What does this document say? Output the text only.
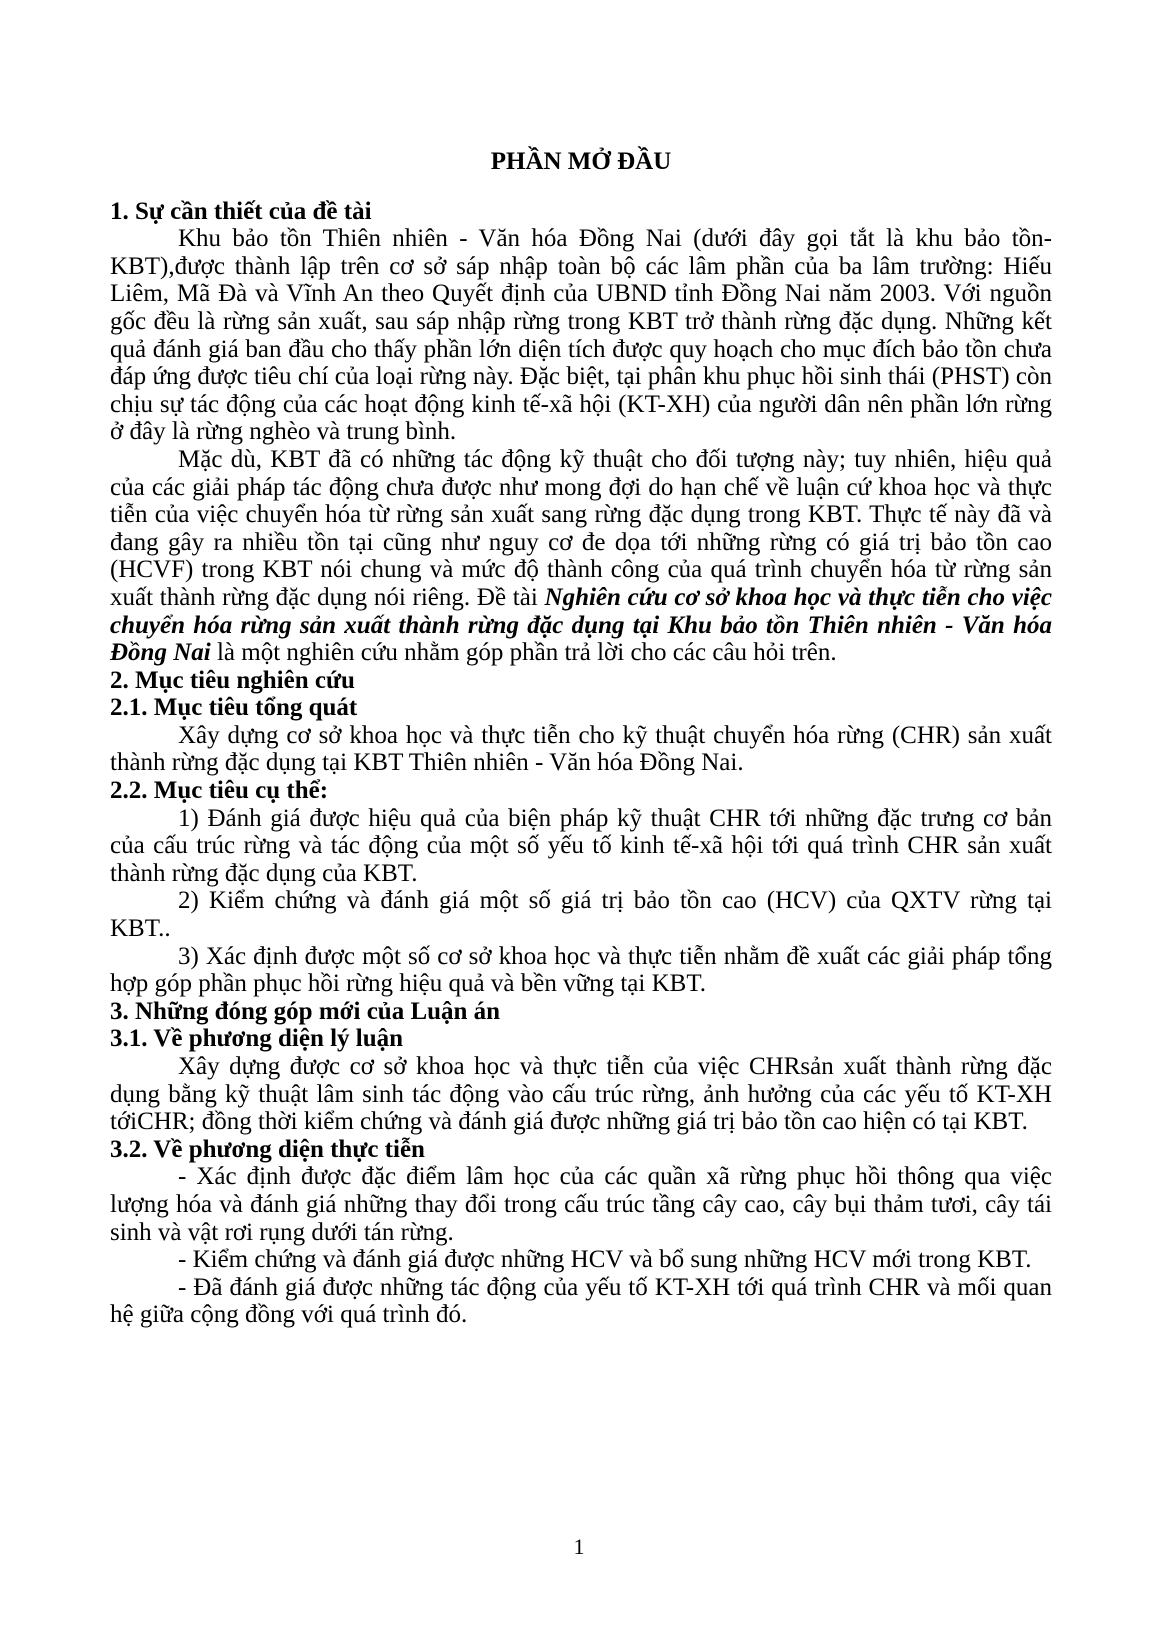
PHẦN MỞ ĐẦU
1. Sự cần thiết của đề tài
Khu bảo tồn Thiên nhiên - Văn hóa Đồng Nai (dưới đây gọi tắt là khu bảo tồn- KBT),được thành lập trên cơ sở sáp nhập toàn bộ các lâm phần của ba lâm trường: Hiếu Liêm, Mã Đà và Vĩnh An theo Quyết định của UBND tỉnh Đồng Nai năm 2003. Với nguồn gốc đều là rừng sản xuất, sau sáp nhập rừng trong KBT trở thành rừng đặc dụng. Những kết quả đánh giá ban đầu cho thấy phần lớn diện tích được quy hoạch cho mục đích bảo tồn chưa đáp ứng được tiêu chí của loại rừng này. Đặc biệt, tại phân khu phục hồi sinh thái (PHST) còn chịu sự tác động của các hoạt động kinh tế-xã hội (KT-XH) của người dân nên phần lớn rừng ở đây là rừng nghèo và trung bình.
Mặc dù, KBT đã có những tác động kỹ thuật cho đối tượng này; tuy nhiên, hiệu quả của các giải pháp tác động chưa được như mong đợi do hạn chế về luận cứ khoa học và thực tiễn của việc chuyển hóa từ rừng sản xuất sang rừng đặc dụng trong KBT. Thực tế này đã và đang gây ra nhiều tồn tại cũng như nguy cơ đe dọa tới những rừng có giá trị bảo tồn cao (HCVF) trong KBT nói chung và mức độ thành công của quá trình chuyển hóa từ rừng sản xuất thành rừng đặc dụng nói riêng. Đề tài Nghiên cứu cơ sở khoa học và thực tiễn cho việc chuyển hóa rừng sản xuất thành rừng đặc dụng tại Khu bảo tồn Thiên nhiên - Văn hóa Đồng Nai là một nghiên cứu nhằm góp phần trả lời cho các câu hỏi trên.
2. Mục tiêu nghiên cứu
2.1. Mục tiêu tổng quát
Xây dựng cơ sở khoa học và thực tiễn cho kỹ thuật chuyển hóa rừng (CHR) sản xuất thành rừng đặc dụng tại KBT Thiên nhiên - Văn hóa Đồng Nai.
2.2. Mục tiêu cụ thể:
1) Đánh giá được hiệu quả của biện pháp kỹ thuật CHR tới những đặc trưng cơ bản của cấu trúc rừng và tác động của một số yếu tố kinh tế-xã hội tới quá trình CHR sản xuất thành rừng đặc dụng của KBT.
2) Kiểm chứng và đánh giá một số giá trị bảo tồn cao (HCV) của QXTV rừng tại KBT..
3) Xác định được một số cơ sở khoa học và thực tiễn nhằm đề xuất các giải pháp tổng hợp góp phần phục hồi rừng hiệu quả và bền vững tại KBT.
3. Những đóng góp mới của Luận án
3.1. Về phương diện lý luận
Xây dựng được cơ sở khoa học và thực tiễn của việc CHRsản xuất thành rừng đặc dụng bằng kỹ thuật lâm sinh tác động vào cấu trúc rừng, ảnh hưởng của các yếu tố KT-XH tớiCHR; đồng thời kiểm chứng và đánh giá được những giá trị bảo tồn cao hiện có tại KBT.
3.2. Về phương diện thực tiễn
- Xác định được đặc điểm lâm học của các quần xã rừng phục hồi thông qua việc lượng hóa và đánh giá những thay đổi trong cấu trúc tầng cây cao, cây bụi thảm tươi, cây tái sinh và vật rơi rụng dưới tán rừng.
- Kiểm chứng và đánh giá được những HCV và bổ sung những HCV mới trong KBT.
- Đã đánh giá được những tác động của yếu tố KT-XH tới quá trình CHR và mối quan hệ giữa cộng đồng với quá trình đó.
1
